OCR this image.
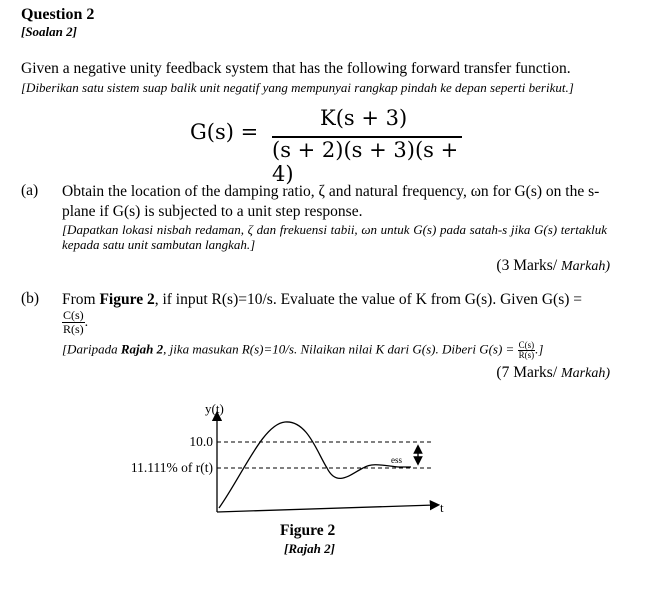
Question 2
[Soalan 2]
Given a negative unity feedback system that has the following forward transfer function.
[Diberikan satu sistem suap balik unit negatif yang mempunyai rangkap pindah ke depan seperti berikut.]
G(s) =
K(s + 3)
(s + 2)(s + 3)(s + 4)
(a) Obtain the location of the damping ratio, ζ and natural frequency, ωn for G(s) on the s-plane if G(s) is subjected to a unit step response.
[Dapatkan lokasi nisbah redaman, ζ dan frekuensi tabii, ωn untuk G(s) pada satah-s jika G(s) tertakluk kepada satu unit sambutan langkah.]
(3 Marks/ Markah)
(b) From Figure 2, if input R(s)=10/s. Evaluate the value of K from G(s). Given G(s) =
$\frac{C(s)}{R(s)}$ .
[Daripada Rajah 2, jika masukan R(s)=10/s. Nilaikan nilai K dari G(s). Diberi $G(s) = \frac{C(s)}{R(s)}$ .]
(7 Marks/ Markah)
y(t)
t
10.0
11.111% of r(t)	ess
Figure 2
[Rajah 2]
